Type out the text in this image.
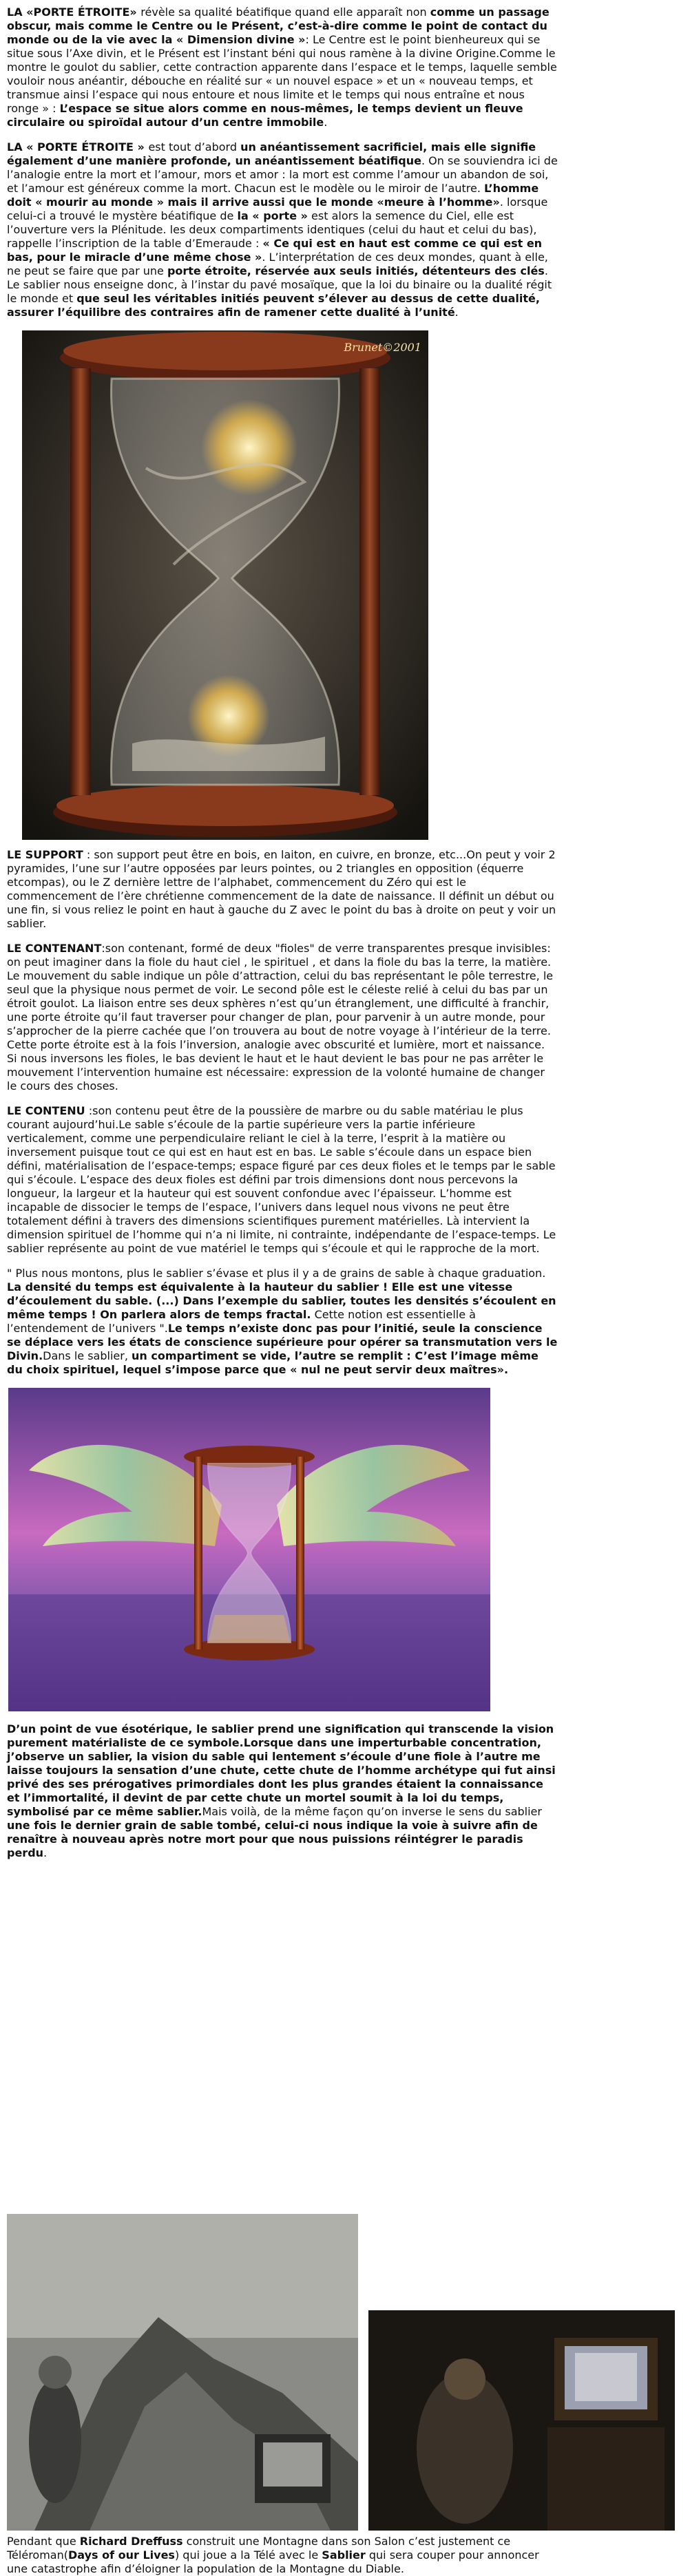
LA «PORTE ÉTROITE» révèle sa qualité béatifique quand elle apparaît non comme un passage obscur, mais comme le Centre ou le Présent, c’est-à-dire comme le point de contact du monde ou de la vie avec la « Dimension divine »: Le Centre est le point bienheureux qui se situe sous l’Axe divin, et le Présent est l’instant béni qui nous ramène à la divine Origine.Comme le montre le goulot du sablier, cette contraction apparente dans l’espace et le temps, laquelle semble vouloir nous anéantir, débouche en réalité sur « un nouvel espace » et un « nouveau temps, et transmue ainsi l’espace qui nous entoure et nous limite et le temps qui nous entraîne et nous ronge » : L’espace se situe alors comme en nous-mêmes, le temps devient un fleuve circulaire ou spiroïdal autour d’un centre immobile.

LA « PORTE ÉTROITE » est tout d’abord un anéantissement sacrificiel, mais elle signifie également d’une manière profonde, un anéantissement béatifique. On se souviendra ici de l’analogie entre la mort et l’amour, mors et amor : la mort est comme l’amour un abandon de soi, et l’amour est généreux comme la mort. Chacun est le modèle ou le miroir de l’autre. L’homme doit « mourir au monde » mais il arrive aussi que le monde «meure à l’homme». lorsque celui-ci a trouvé le mystère béatifique de la « porte » est alors la semence du Ciel, elle est l’ouverture vers la Plénitude. les deux compartiments identiques (celui du haut et celui du bas), rappelle l’inscription de la table d’Emeraude : « Ce qui est en haut est comme ce qui est en bas, pour le miracle d’une même chose ». L’interprétation de ces deux mondes, quant à elle, ne peut se faire que par une porte étroite, réservée aux seuls initiés, détenteurs des clés. Le sablier nous enseigne donc, à l’instar du pavé mosaïque, que la loi du binaire ou la dualité régit le monde et que seul les véritables initiés peuvent s’élever au dessus de cette dualité, assurer l’équilibre des contraires afin de ramener cette dualité à l’unité.

Brunet©2001

LE SUPPORT : son support peut être en bois, en laiton, en cuivre, en bronze, etc...On peut y voir 2 pyramides, l’une sur l’autre opposées par leurs pointes, ou 2 triangles en opposition (équerre etcompas), ou le Z dernière lettre de l’alphabet, commencement du Zéro qui est le commencement de l’ère chrétienne commencement de la date de naissance. Il définit un début ou une fin, si vous reliez le point en haut à gauche du Z avec le point du bas à droite on peut y voir un sablier.

LE CONTENANT:son contenant, formé de deux "fioles" de verre transparentes presque invisibles: on peut imaginer dans la fiole du haut ciel , le spirituel , et dans la fiole du bas la terre, la matière. Le mouvement du sable indique un pôle d’attraction, celui du bas représentant le pôle terrestre, le seul que la physique nous permet de voir. Le second pôle est le céleste relié à celui du bas par un étroit goulot. La liaison entre ses deux sphères n’est qu’un étranglement, une difficulté à franchir, une porte étroite qu’il faut traverser pour changer de plan, pour parvenir à un autre monde, pour s’approcher de la pierre cachée que l’on trouvera au bout de notre voyage à l’intérieur de la terre. Cette porte étroite est à la fois l’inversion, analogie avec obscurité et lumière, mort et naissance. Si nous inversons les fioles, le bas devient le haut et le haut devient le bas pour ne pas arrêter le mouvement l’intervention humaine est nécessaire: expression de la volonté humaine de changer le cours des choses.

LE CONTENU :son contenu peut être de la poussière de marbre ou du sable matériau le plus courant aujourd’hui.Le sable s’écoule de la partie supérieure vers la partie inférieure verticalement, comme une perpendiculaire reliant le ciel à la terre, l’esprit à la matière ou inversement puisque tout ce qui est en haut est en bas. Le sable s’écoule dans un espace bien défini, matérialisation de l’espace-temps; espace figuré par ces deux fioles et le temps par le sable qui s’écoule. L’espace des deux fioles est défini par trois dimensions dont nous percevons la longueur, la largeur et la hauteur qui est souvent confondue avec l’épaisseur. L’homme est incapable de dissocier le temps de l’espace, l’univers dans lequel nous vivons ne peut être totalement défini à travers des dimensions scientifiques purement matérielles. Là intervient la dimension spirituel de l’homme qui n’a ni limite, ni contrainte, indépendante de l’espace-temps. Le sablier représente au point de vue matériel le temps qui s’écoule et qui le rapproche de la mort.

" Plus nous montons, plus le sablier s’évase et plus il y a de grains de sable à chaque graduation. La densité du temps est équivalente à la hauteur du sablier ! Elle est une vitesse d’écoulement du sable. (...) Dans l’exemple du sablier, toutes les densités s’écoulent en même temps ! On parlera alors de temps fractal. Cette notion est essentielle à l’entendement de l’univers ".Le temps n’existe donc pas pour l’initié, seule la conscience se déplace vers les états de conscience supérieure pour opérer sa transmutation vers le Divin.Dans le sablier, un compartiment se vide, l’autre se remplit : C’est l’image même du choix spirituel, lequel s’impose parce que « nul ne peut servir deux maîtres».

D’un point de vue ésotérique, le sablier prend une signification qui transcende la vision purement matérialiste de ce symbole.Lorsque dans une imperturbable concentration, j’observe un sablier, la vision du sable qui lentement s’écoule d’une fiole à l’autre me laisse toujours la sensation d’une chute, cette chute de l’homme archétype qui fut ainsi privé des ses prérogatives primordiales dont les plus grandes étaient la connaissance et l’immortalité, il devint de par cette chute un mortel soumit à la loi du temps, symbolisé par ce même sablier.Mais voilà, de la même façon qu’on inverse le sens du sablier une fois le dernier grain de sable tombé, celui-ci nous indique la voie à suivre afin de renaître à nouveau après notre mort pour que nous puissions réintégrer le paradis perdu.

Pendant que Richard Dreffuss construit une Montagne dans son Salon c’est justement ce Téléroman(Days of our Lives) qui joue a la Télé avec le Sablier qui sera couper pour annoncer une catastrophe afin d’éloigner la population de la Montagne du Diable.
